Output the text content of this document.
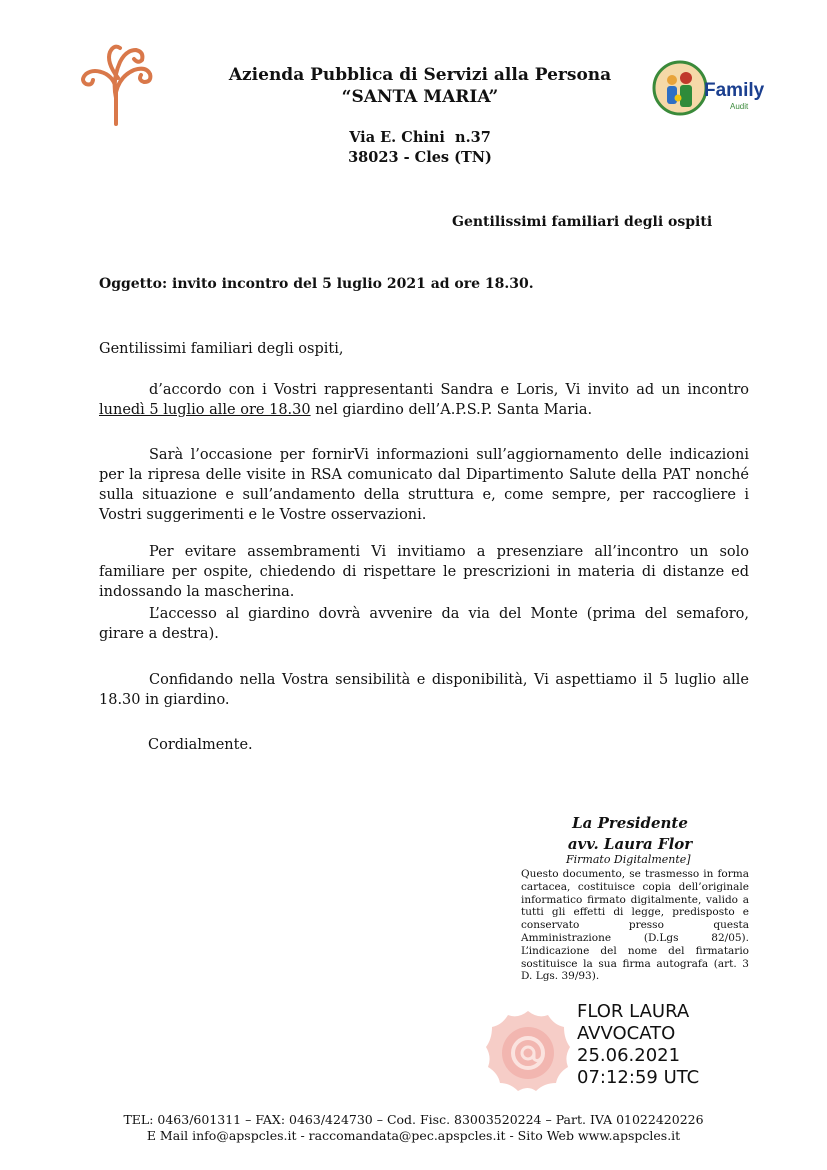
Azienda Pubblica di Servizi alla Persona
“SANTA MARIA”	Family
Audit
Via E. Chini  n.37
38023 - Cles (TN)
Gentilissimi familiari degli ospiti
Oggetto: invito incontro del 5 luglio 2021 ad ore 18.30.
Gentilissimi familiari degli ospiti,
d’accordo con i Vostri rappresentanti Sandra e Loris, Vi invito ad un incontro lunedì 5 luglio alle ore 18.30 nel giardino dell’A.P.S.P. Santa Maria.
Sarà l’occasione per fornirVi informazioni sull’aggiornamento delle indicazioni per la ripresa delle visite in RSA comunicato dal Dipartimento Salute della PAT nonché sulla situazione e sull’andamento della struttura e, come sempre, per raccogliere i Vostri suggerimenti e le Vostre osservazioni.
Per evitare assembramenti Vi invitiamo a presenziare all’incontro un solo familiare per ospite, chiedendo di rispettare le prescrizioni in materia di distanze ed indossando la mascherina.
L’accesso al giardino dovrà avvenire da via del Monte (prima del semaforo, girare a destra).
Confidando nella Vostra sensibilità e disponibilità, Vi aspettiamo il 5 luglio alle 18.30 in giardino.
Cordialmente.
La Presidente
avv. Laura Flor
Firmato Digitalmente]
Questo documento, se trasmesso in forma cartacea, costituisce copia dell’originale informatico firmato digitalmente, valido a tutti gli effetti di legge, predisposto e conservato presso questa Amministrazione (D.Lgs 82/05). L’indicazione del nome del firmatario sostituisce la sua firma autografa (art. 3 D. Lgs. 39/93).
FLOR LAURA
AVVOCATO
25.06.2021
07:12:59 UTC
TEL: 0463/601311 – FAX: 0463/424730 – Cod. Fisc. 83003520224 – Part. IVA 01022420226
E Mail info@apspcles.it - raccomandata@pec.apspcles.it - Sito Web www.apspcles.it
